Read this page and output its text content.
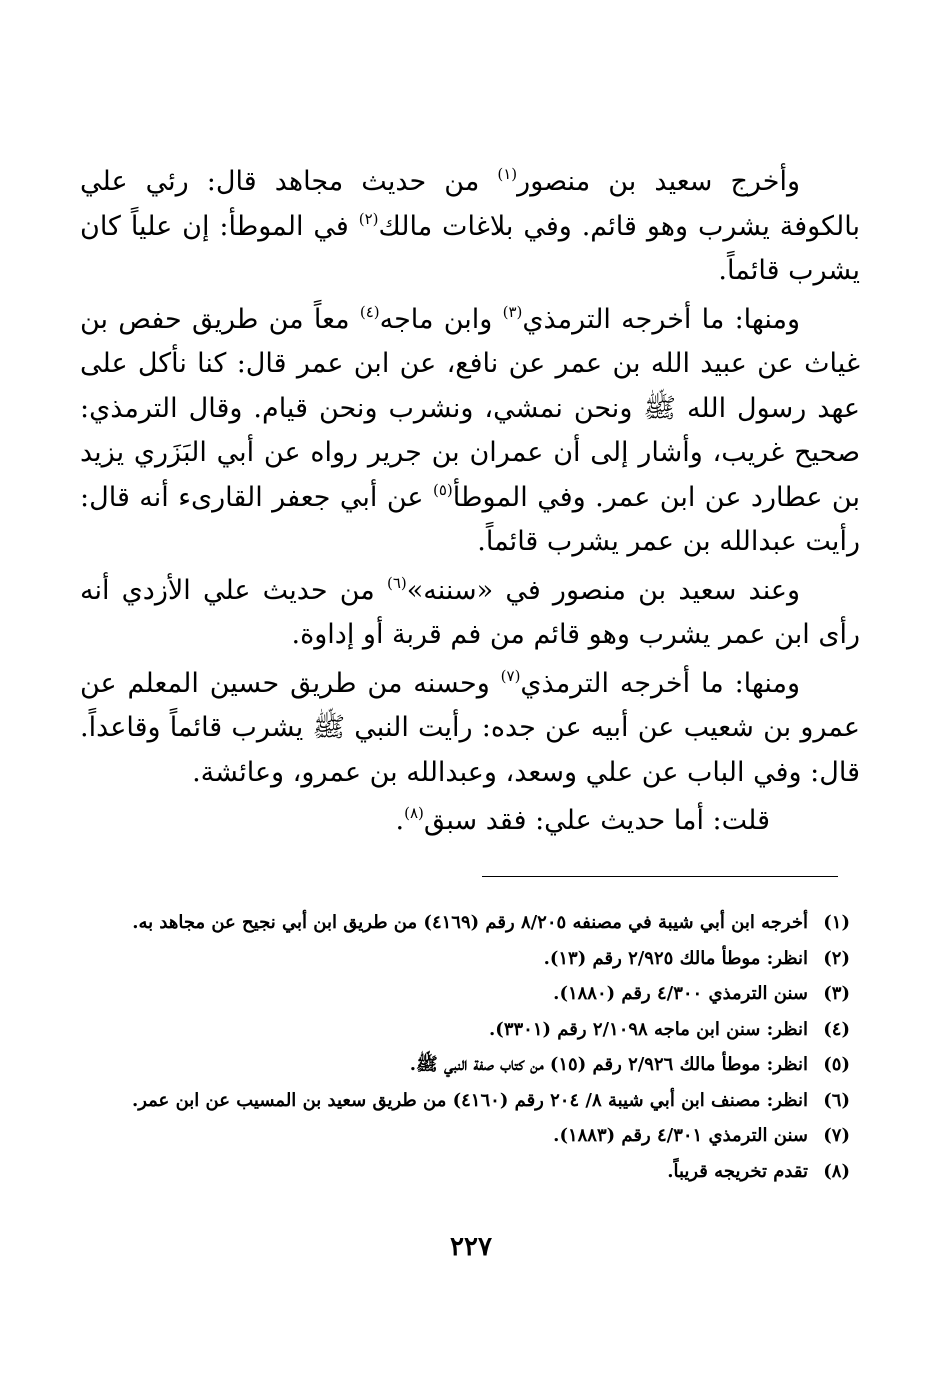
وأخرج سعيد بن منصور$^{(١)}$ من حديث مجاهد قال: رئي علي بالكوفة يشرب وهو قائم. وفي بلاغات مالك$^{(٢)}$ في الموطأ: إن علياً كان يشرب قائماً.

ومنها: ما أخرجه الترمذي$^{(٣)}$ وابن ماجه$^{(٤)}$ معاً من طريق حفص بن غياث عن عبيد الله بن عمر عن نافع، عن ابن عمر قال: كنا نأكل على عهد رسول الله ﷺ ونحن نمشي، ونشرب ونحن قيام. وقال الترمذي: صحيح غريب، وأشار إلى أن عمران بن جرير رواه عن أبي البَزَري يزيد بن عطارد عن ابن عمر. وفي الموطأ$^{(٥)}$ عن أبي جعفر القارىء أنه قال: رأيت عبدالله بن عمر يشرب قائماً.

وعند سعيد بن منصور في «سننه»$^{(٦)}$ من حديث علي الأزدي أنه رأى ابن عمر يشرب وهو قائم من فم قربة أو إداوة.

ومنها: ما أخرجه الترمذي$^{(٧)}$ وحسنه من طريق حسين المعلم عن عمرو بن شعيب عن أبيه عن جده: رأيت النبي ﷺ يشرب قائماً وقاعداً. قال: وفي الباب عن علي وسعد، وعبدالله بن عمرو، وعائشة.

قلت: أما حديث علي: فقد سبق$^{(٨)}$.

(١)
أخرجه ابن أبي شيبة في مصنفه ٨/٢٠٥ رقم (٤١٦٩) من طريق ابن أبي نجيح عن مجاهد به.
(٢)
انظر: موطأ مالك ٢/٩٢٥ رقم (١٣).
(٣)
سنن الترمذي ٤/٣٠٠ رقم (١٨٨٠).
(٤)
انظر: سنن ابن ماجه ٢/١٠٩٨ رقم (٣٣٠١).
(٥)
انظر: موطأ مالك ٢/٩٢٦ رقم (١٥) من كتاب صفة النبي ﷺ.
(٦)
انظر: مصنف ابن أبي شيبة ٨/ ٢٠٤ رقم (٤١٦٠) من طريق سعيد بن المسيب عن ابن عمر.
(٧)
سنن الترمذي ٤/٣٠١ رقم (١٨٨٣).
(٨)
تقدم تخريجه قريباً.
٢٢٧
